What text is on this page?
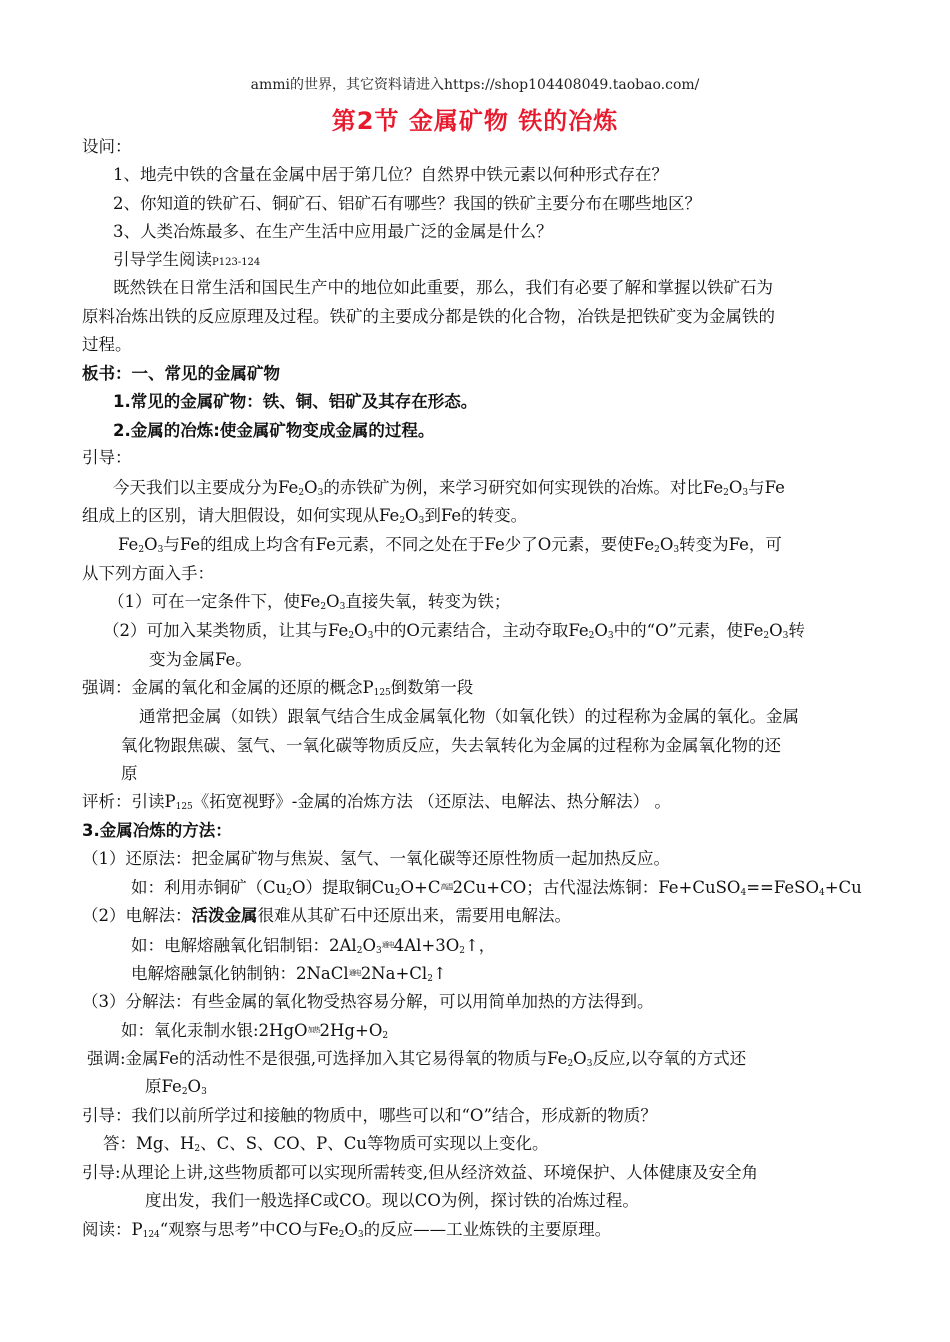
ammi的世界，其它资料请进入https://shop104408049.taobao.com/
第2节 金属矿物 铁的冶炼
设问：
1、地壳中铁的含量在金属中居于第几位？自然界中铁元素以何种形式存在？
2、你知道的铁矿石、铜矿石、铝矿石有哪些？我国的铁矿主要分布在哪些地区？
3、人类冶炼最多、在生产生活中应用最广泛的金属是什么？
引导学生阅读P123-124
既然铁在日常生活和国民生产中的地位如此重要，那么，我们有必要了解和掌握以铁矿石为
原料冶炼出铁的反应原理及过程。铁矿的主要成分都是铁的化合物，冶铁是把铁矿变为金属铁的
过程。
板书：一、常见的金属矿物
1.常见的金属矿物：铁、铜、铝矿及其存在形态。
2.金属的冶炼:使金属矿物变成金属的过程。
引导：
今天我们以主要成分为$Fe_2O_3$的赤铁矿为例，来学习研究如何实现铁的冶炼。对比$Fe_2O_3$与Fe
组成上的区别，请大胆假设，如何实现从$Fe_2O_3$到Fe的转变。
$Fe_2O_3$与Fe的组成上均含有Fe元素，不同之处在于Fe少了O元素，要使$Fe_2O_3$转变为Fe，可
从下列方面入手：
（1）可在一定条件下，使$Fe_2O_3$直接失氧，转变为铁；
（2）可加入某类物质，让其与$Fe_2O_3$中的O元素结合，主动夺取$Fe_2O_3$中的“O”元素，使$Fe_2O_3$转
变为金属Fe。
强调：金属的氧化和金属的还原的概念$P_{125}$倒数第一段
通常把金属（如铁）跟氧气结合生成金属氧化物（如氧化铁）的过程称为金属的氧化。金属
氧化物跟焦碳、氢气、一氧化碳等物质反应，失去氧转化为金属的过程称为金属氧化物的还
原
评析：引读$P_{125}$《拓宽视野》-金属的冶炼方法 （还原法、电解法、热分解法） 。
3.金属冶炼的方法：
（1）还原法：把金属矿物与焦炭、氢气、一氧化碳等还原性物质一起加热反应。
如：利用赤铜矿$(Cu_2O)$提取铜$Cu_2O+C^{高温}2Cu+CO$；古代湿法炼铜：Fe+CuSO$_4$==FeSO$_4$+Cu
（2）电解法：活泼金属很难从其矿石中还原出来，需要用电解法。
如：电解熔融氧化铝制铝：$2Al_2O_3^{通电}4Al+3O_2↑$，
电解熔融氯化钠制钠：$2NaCl^{通电}2Na+Cl_2↑$
（3）分解法：有些金属的氧化物受热容易分解，可以用简单加热的方法得到。
如：氧化汞制水银$:2HgO^{加热}2Hg+O_2$
强调:金属Fe的活动性不是很强,可选择加入其它易得氧的物质与$Fe_2O_3$反应,以夺氧的方式还
原$Fe_2O_3$
引导：我们以前所学过和接触的物质中，哪些可以和“O”结合，形成新的物质？
答：Mg、$H_2$、C、S、CO、P、Cu等物质可实现以上变化。
引导:从理论上讲,这些物质都可以实现所需转变,但从经济效益、环境保护、人体健康及安全角
度出发，我们一般选择C或CO。现以CO为例，探讨铁的冶炼过程。
阅读：$P_{124}“$观察与思考”中CO与$Fe_2O_3$的反应——工业炼铁的主要原理。
